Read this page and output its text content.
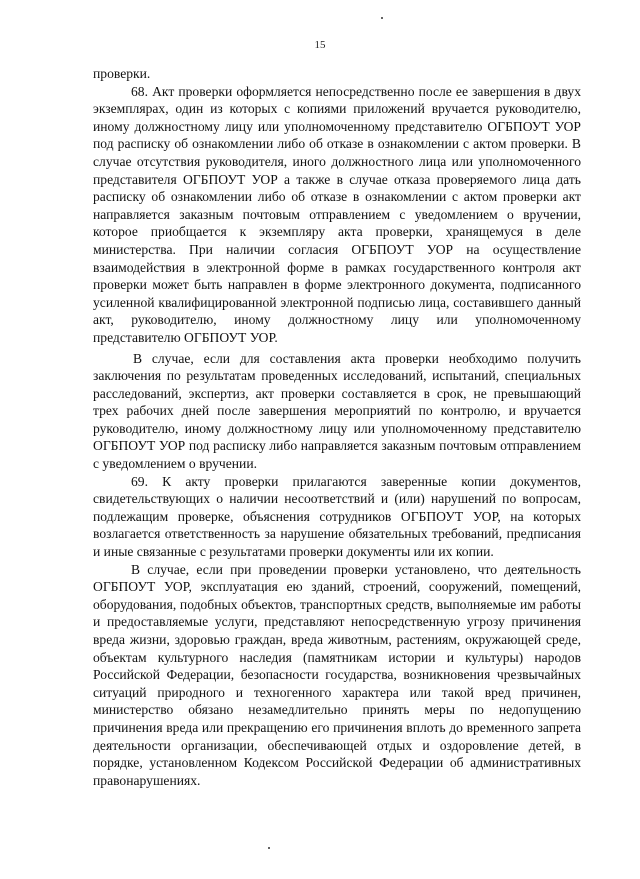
15

проверки.

68. Акт проверки оформляется непосредственно после ее завершения в двух экземплярах, один из которых с копиями приложений вручается руководителю, иному должностному лицу или уполномоченному представителю ОГБПОУТ УОР под расписку об ознакомлении либо об отказе в ознакомлении с актом проверки. В случае отсутствия руководителя, иного должностного лица или уполномоченного представителя ОГБПОУТ УОР а также в случае отказа проверяемого лица дать расписку об ознакомлении либо об отказе в ознакомлении с актом проверки акт направляется заказным почтовым отправлением с уведомлением о вручении, которое приобщается к экземпляру акта проверки, хранящемуся в деле министерства. При наличии согласия ОГБПОУТ УОР на осуществление взаимодействия в электронной форме в рамках государственного контроля акт проверки может быть направлен в форме электронного документа, подписанного усиленной квалифицированной электронной подписью лица, составившего данный акт, руководителю, иному должностному лицу или уполномоченному представителю ОГБПОУТ УОР.

В случае, если для составления акта проверки необходимо получить заключения по результатам проведенных исследований, испытаний, специальных расследований, экспертиз, акт проверки составляется в срок, не превышающий трех рабочих дней после завершения мероприятий по контролю, и вручается руководителю, иному должностному лицу или уполномоченному представителю ОГБПОУТ УОР под расписку либо направляется заказным почтовым отправлением с уведомлением о вручении.

69. К акту проверки прилагаются заверенные копии документов, свидетельствующих о наличии несоответствий и (или) нарушений по вопросам, подлежащим проверке, объяснения сотрудников ОГБПОУТ УОР, на которых возлагается ответственность за нарушение обязательных требований, предписания и иные связанные с результатами проверки документы или их копии.

В случае, если при проведении проверки установлено, что деятельность ОГБПОУТ УОР, эксплуатация ею зданий, строений, сооружений, помещений, оборудования, подобных объектов, транспортных средств, выполняемые им работы и предоставляемые услуги, представляют непосредственную угрозу причинения вреда жизни, здоровью граждан, вреда животным, растениям, окружающей среде, объектам культурного наследия (памятникам истории и культуры) народов Российской Федерации, безопасности государства, возникновения чрезвычайных ситуаций природного и техногенного характера или такой вред причинен, министерство обязано незамедлительно принять меры по недопущению причинения вреда или прекращению его причинения вплоть до временного запрета деятельности организации, обеспечивающей отдых и оздоровление детей, в порядке, установленном Кодексом Российской Федерации об административных правонарушениях.
